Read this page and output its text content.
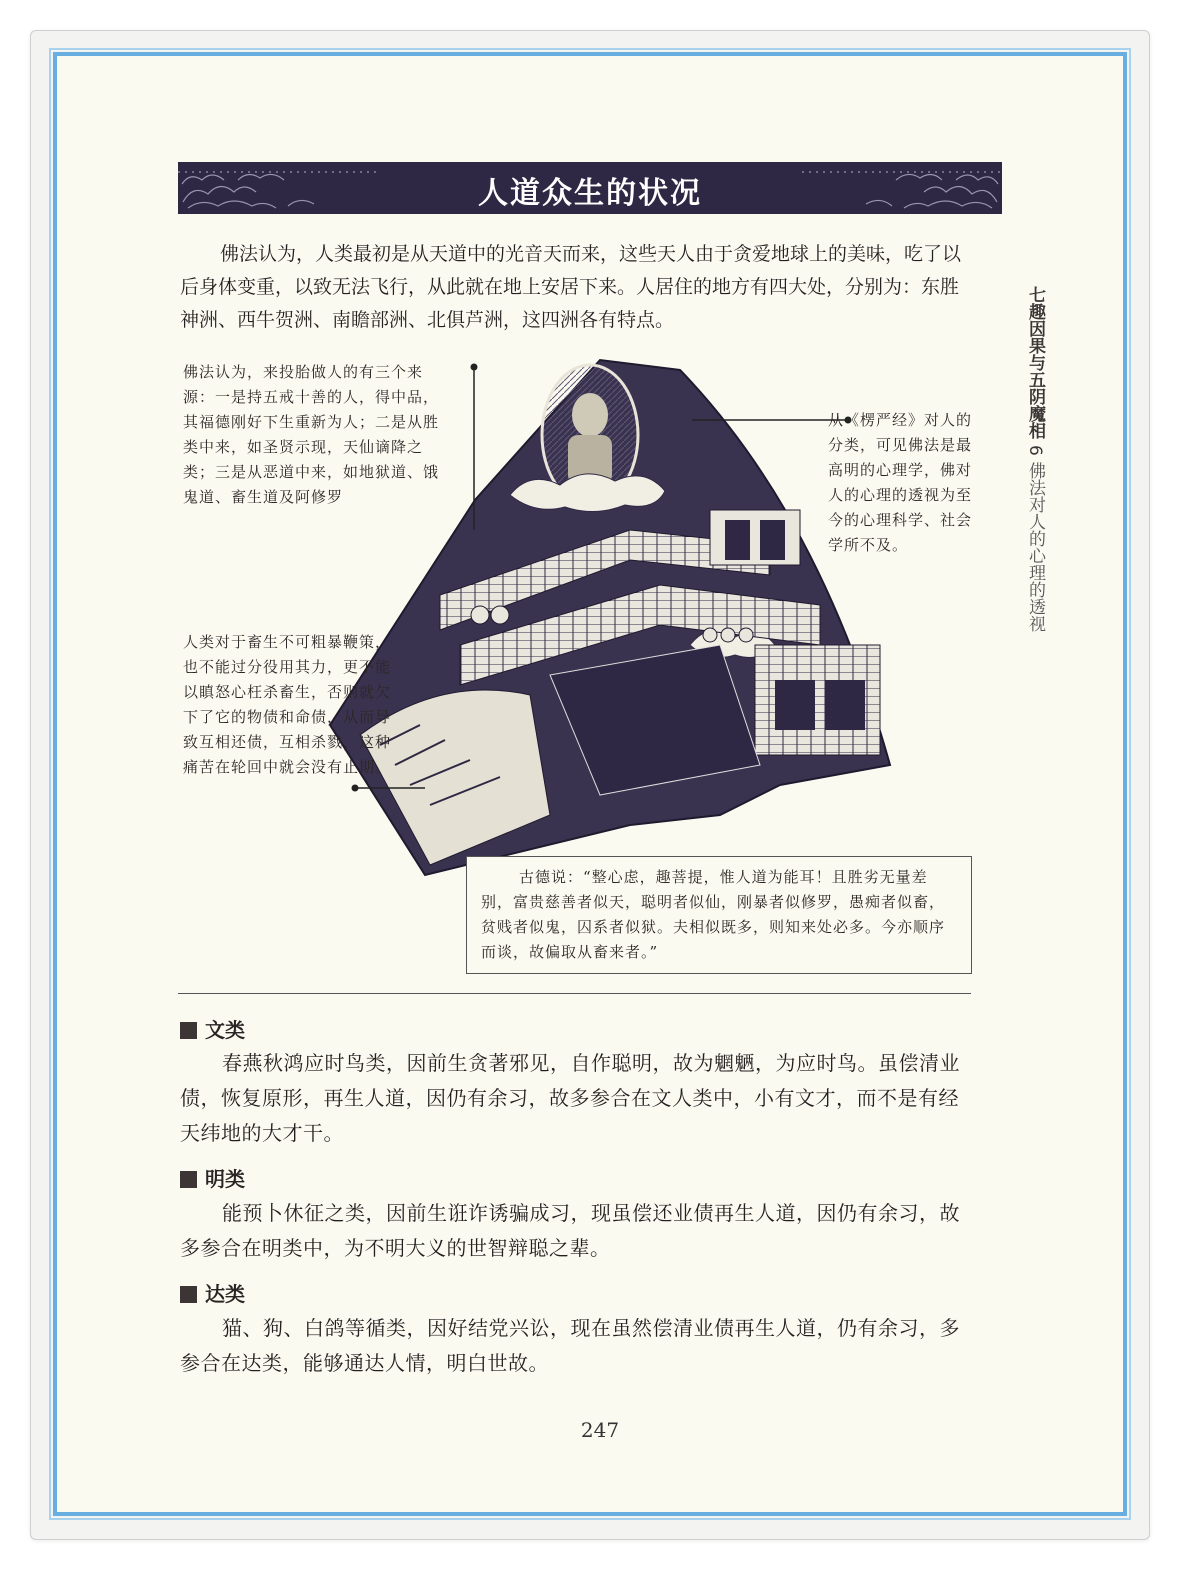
人道众生的状况

佛法认为，人类最初是从天道中的光音天而来，这些天人由于贪爱地球上的美味，吃了以后身体变重，以致无法飞行，从此就在地上安居下来。人居住的地方有四大处，分别为：东胜神洲、西牛贺洲、南瞻部洲、北俱芦洲，这四洲各有特点。	七趣因果与五阴魔相6佛法对人的心理的透视

佛法认为，来投胎做人的有三个来源：一是持五戒十善的人，得中品，其福德刚好下生重新为人；二是从胜类中来，如圣贤示现，天仙谪降之类；三是从恶道中来，如地狱道、饿鬼道、畜生道及阿修罗

从《楞严经》对人的分类，可见佛法是最高明的心理学，佛对人的心理的透视为至今的心理科学、社会学所不及。

人类对于畜生不可粗暴鞭策，也不能过分役用其力，更不能以瞋怒心枉杀畜生，否则就欠下了它的物债和命债，从而导致互相还债，互相杀戮，这种痛苦在轮回中就会没有止期。

古德说：“整心虑，趣菩提，惟人道为能耳！且胜劣无量差别，富贵慈善者似天，聪明者似仙，刚暴者似修罗，愚痴者似畜，贫贱者似鬼，囚系者似狱。夫相似既多，则知来处必多。今亦顺序而谈，故偏取从畜来者。”

文类

春燕秋鸿应时鸟类，因前生贪著邪见，自作聪明，故为魍魉，为应时鸟。虽偿清业债，恢复原形，再生人道，因仍有余习，故多参合在文人类中，小有文才，而不是有经天纬地的大才干。

明类

能预卜休征之类，因前生诳诈诱骗成习，现虽偿还业债再生人道，因仍有余习，故多参合在明类中，为不明大义的世智辩聪之辈。

达类

猫、狗、白鸽等循类，因好结党兴讼，现在虽然偿清业债再生人道，仍有余习，多参合在达类，能够通达人情，明白世故。

247
